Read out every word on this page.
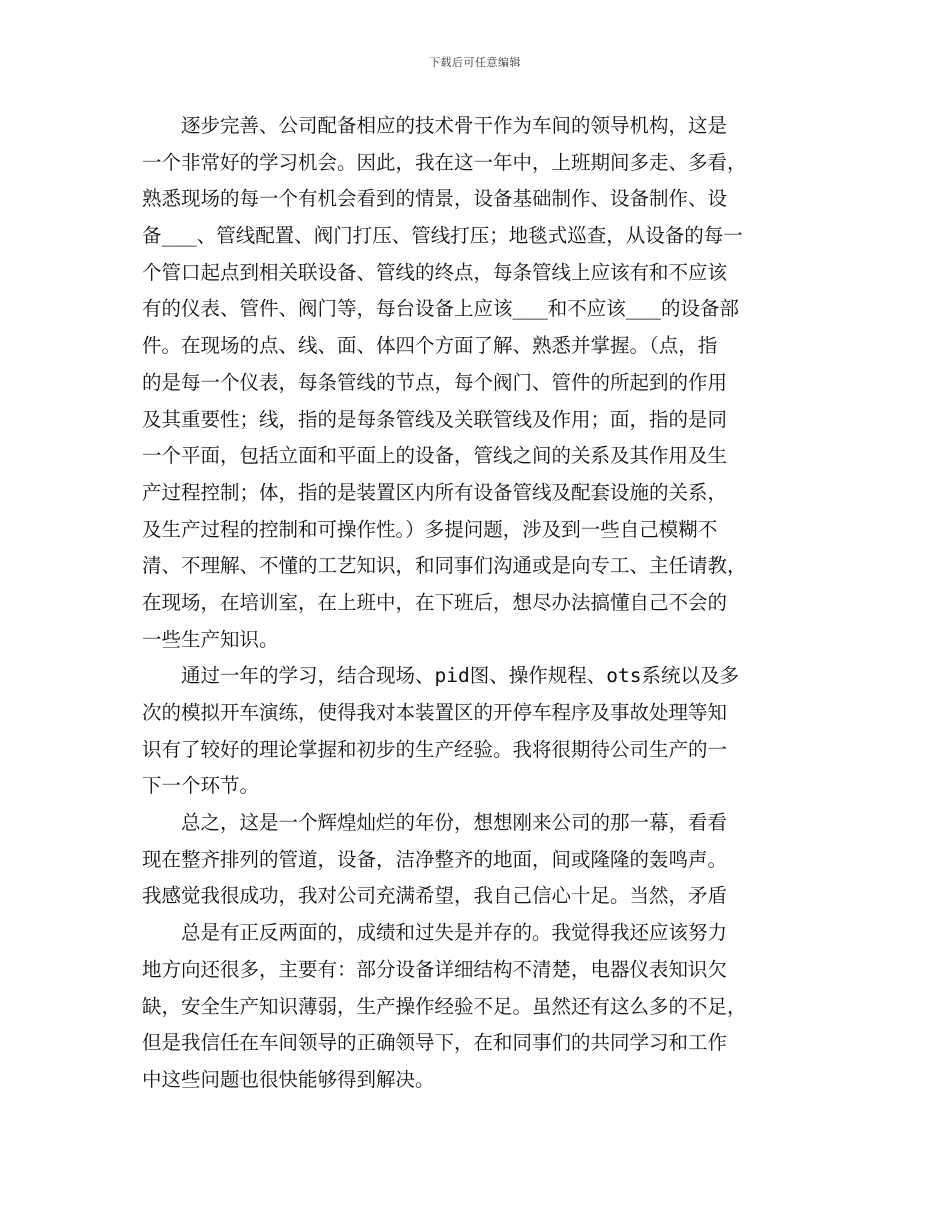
下载后可任意编辑
　　逐步完善、公司配备相应的技术骨干作为车间的领导机构，这是
一个非常好的学习机会。因此，我在这一年中，上班期间多走、多看，
熟悉现场的每一个有机会看到的情景，设备基础制作、设备制作、设
备___、管线配置、阀门打压、管线打压；地毯式巡查，从设备的每一
个管口起点到相关联设备、管线的终点，每条管线上应该有和不应该
有的仪表、管件、阀门等，每台设备上应该___和不应该___的设备部
件。在现场的点、线、面、体四个方面了解、熟悉并掌握。（点，指
的是每一个仪表，每条管线的节点，每个阀门、管件的所起到的作用
及其重要性；线，指的是每条管线及关联管线及作用；面，指的是同
一个平面，包括立面和平面上的设备，管线之间的关系及其作用及生
产过程控制；体，指的是装置区内所有设备管线及配套设施的关系，
及生产过程的控制和可操作性。）多提问题，涉及到一些自己模糊不
清、不理解、不懂的工艺知识，和同事们沟通或是向专工、主任请教，
在现场，在培训室，在上班中，在下班后，想尽办法搞懂自己不会的
一些生产知识。
　　通过一年的学习，结合现场、pid图、操作规程、ots系统以及多
次的模拟开车演练，使得我对本装置区的开停车程序及事故处理等知
识有了较好的理论掌握和初步的生产经验。我将很期待公司生产的一
下一个环节。
　　总之，这是一个辉煌灿烂的年份，想想刚来公司的那一幕，看看
现在整齐排列的管道，设备，洁净整齐的地面，间或隆隆的轰鸣声。
我感觉我很成功，我对公司充满希望，我自己信心十足。当然，矛盾
　　总是有正反两面的，成绩和过失是并存的。我觉得我还应该努力
地方向还很多，主要有：部分设备详细结构不清楚，电器仪表知识欠
缺，安全生产知识薄弱，生产操作经验不足。虽然还有这么多的不足，
但是我信任在车间领导的正确领导下，在和同事们的共同学习和工作
中这些问题也很快能够得到解决。
